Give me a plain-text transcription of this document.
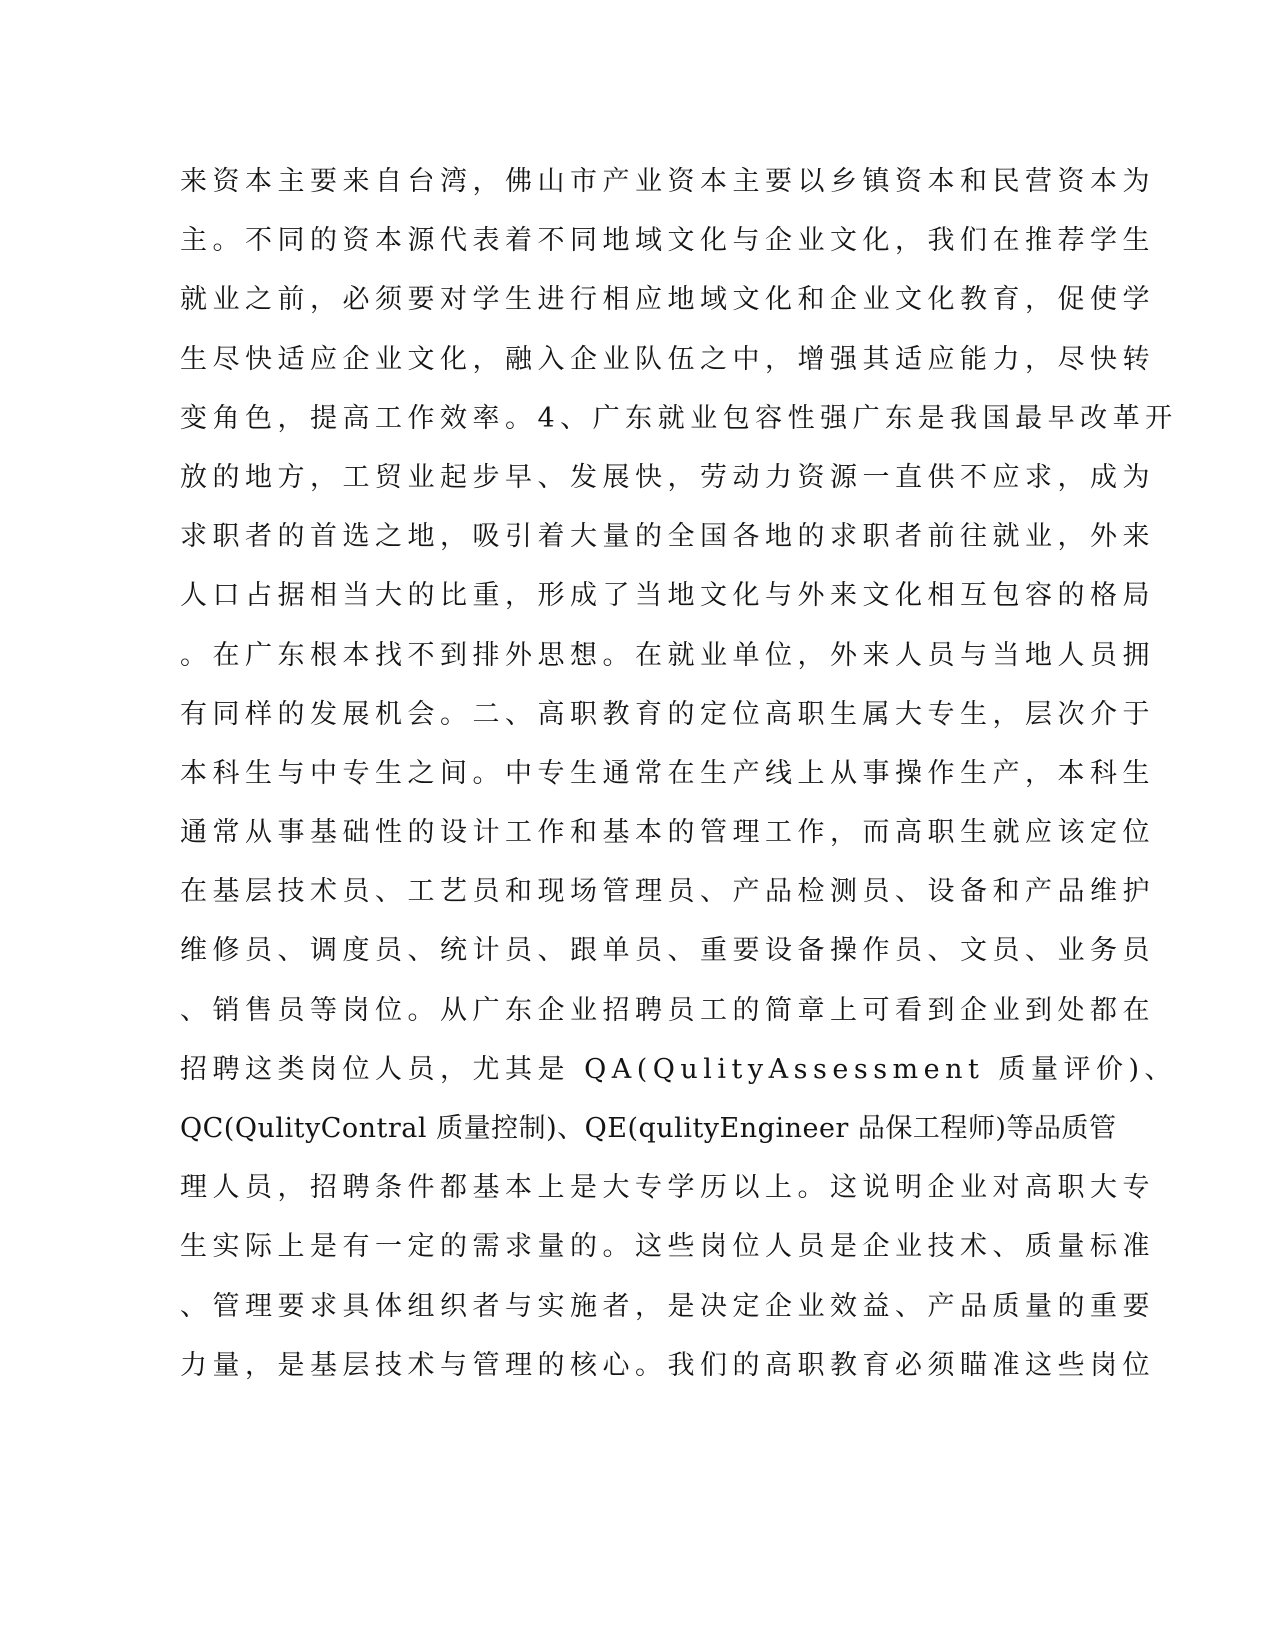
来资本主要来自台湾，佛山市产业资本主要以乡镇资本和民营资本为
主。不同的资本源代表着不同地域文化与企业文化，我们在推荐学生
就业之前，必须要对学生进行相应地域文化和企业文化教育，促使学
生尽快适应企业文化，融入企业队伍之中，增强其适应能力，尽快转
变角色，提高工作效率。4、广东就业包容性强广东是我国最早改革开
放的地方，工贸业起步早、发展快，劳动力资源一直供不应求，成为
求职者的首选之地，吸引着大量的全国各地的求职者前往就业，外来
人口占据相当大的比重，形成了当地文化与外来文化相互包容的格局
。在广东根本找不到排外思想。在就业单位，外来人员与当地人员拥
有同样的发展机会。二、高职教育的定位高职生属大专生，层次介于
本科生与中专生之间。中专生通常在生产线上从事操作生产，本科生
通常从事基础性的设计工作和基本的管理工作，而高职生就应该定位
在基层技术员、工艺员和现场管理员、产品检测员、设备和产品维护
维修员、调度员、统计员、跟单员、重要设备操作员、文员、业务员
、销售员等岗位。从广东企业招聘员工的简章上可看到企业到处都在
招聘这类岗位人员，尤其是 QA(QulityAssessment 质量评价)、
QC(QulityContral 质量控制)、QE(qulityEngineer 品保工程师)等品质管
理人员，招聘条件都基本上是大专学历以上。这说明企业对高职大专
生实际上是有一定的需求量的。这些岗位人员是企业技术、质量标准
、管理要求具体组织者与实施者，是决定企业效益、产品质量的重要
力量，是基层技术与管理的核心。我们的高职教育必须瞄准这些岗位
